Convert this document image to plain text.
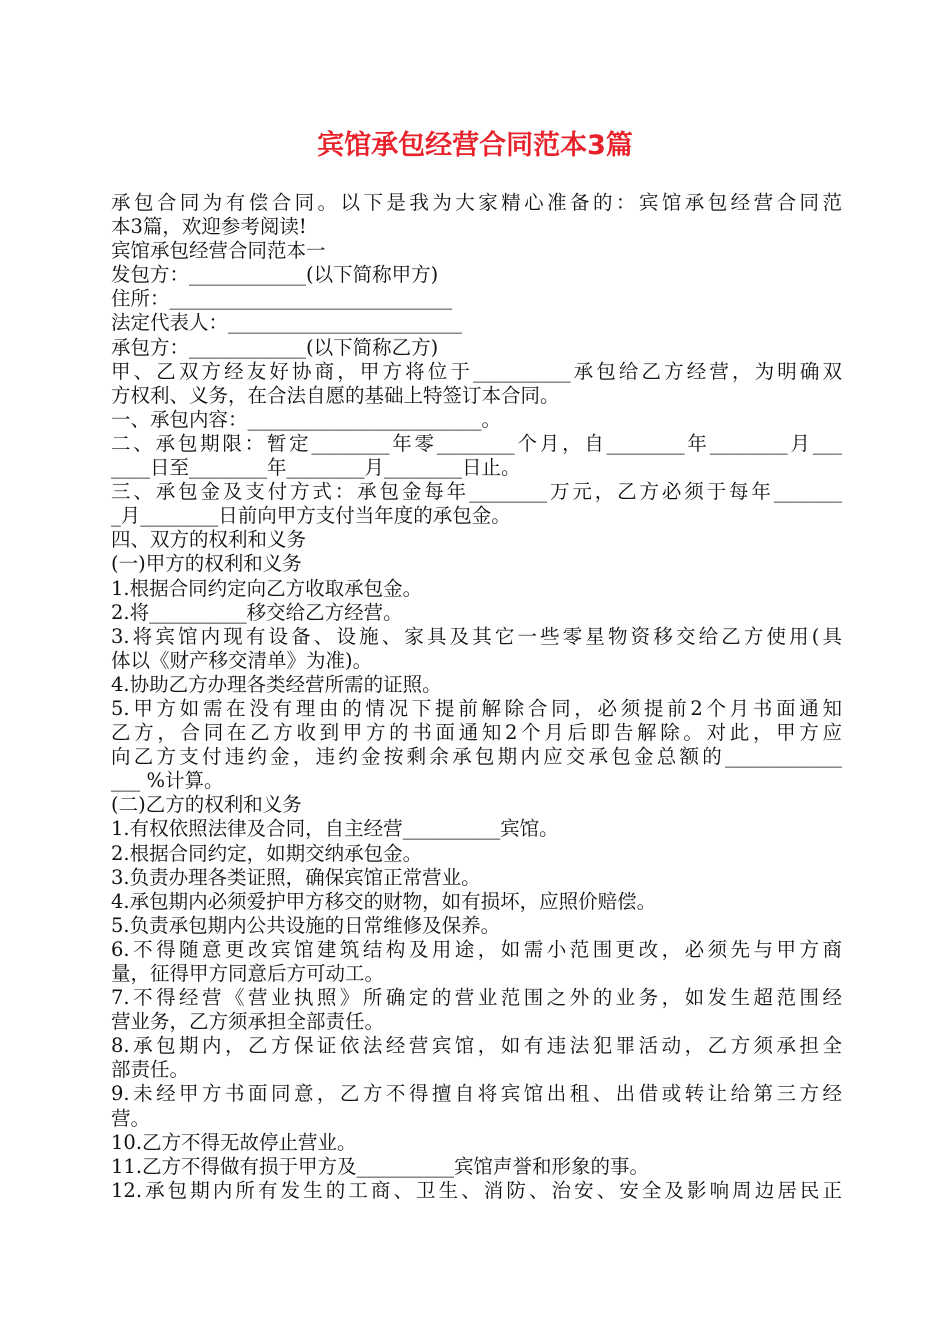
宾馆承包经营合同范本3篇
承包合同为有偿合同。以下是我为大家精心准备的：宾馆承包经营合同范
本3篇，欢迎参考阅读!
宾馆承包经营合同范本一
发包方：____________(以下简称甲方)
住所：_____________________________
法定代表人：________________________
承包方：____________(以下简称乙方)
甲、乙双方经友好协商，甲方将位于__________承包给乙方经营，为明确双
方权利、义务，在合法自愿的基础上特签订本合同。
一、承包内容：________________________。
二、承包期限：暂定________年零________个月，自________年________月___
____日至________年________月________日止。
三、承包金及支付方式：承包金每年________万元，乙方必须于每年_______
_月________日前向甲方支付当年度的承包金。
四、双方的权利和义务
(一)甲方的权利和义务
1.根据合同约定向乙方收取承包金。
2.将__________移交给乙方经营。
3.将宾馆内现有设备、设施、家具及其它一些零星物资移交给乙方使用(具
体以《财产移交清单》为准)。
4.协助乙方办理各类经营所需的证照。
5.甲方如需在没有理由的情况下提前解除合同，必须提前2个月书面通知
乙方，合同在乙方收到甲方的书面通知2个月后即告解除。对此，甲方应
向乙方支付违约金，违约金按剩余承包期内应交承包金总额的____________
___ %计算。
(二)乙方的权利和义务
1.有权依照法律及合同，自主经营__________宾馆。
2.根据合同约定，如期交纳承包金。
3.负责办理各类证照，确保宾馆正常营业。
4.承包期内必须爱护甲方移交的财物，如有损坏，应照价赔偿。
5.负责承包期内公共设施的日常维修及保养。
6.不得随意更改宾馆建筑结构及用途，如需小范围更改，必须先与甲方商
量，征得甲方同意后方可动工。
7.不得经营《营业执照》所确定的营业范围之外的业务，如发生超范围经
营业务，乙方须承担全部责任。
8.承包期内，乙方保证依法经营宾馆，如有违法犯罪活动，乙方须承担全
部责任。
9.未经甲方书面同意，乙方不得擅自将宾馆出租、出借或转让给第三方经
营。
10.乙方不得无故停止营业。
11.乙方不得做有损于甲方及__________宾馆声誉和形象的事。
12.承包期内所有发生的工商、卫生、消防、治安、安全及影响周边居民正
